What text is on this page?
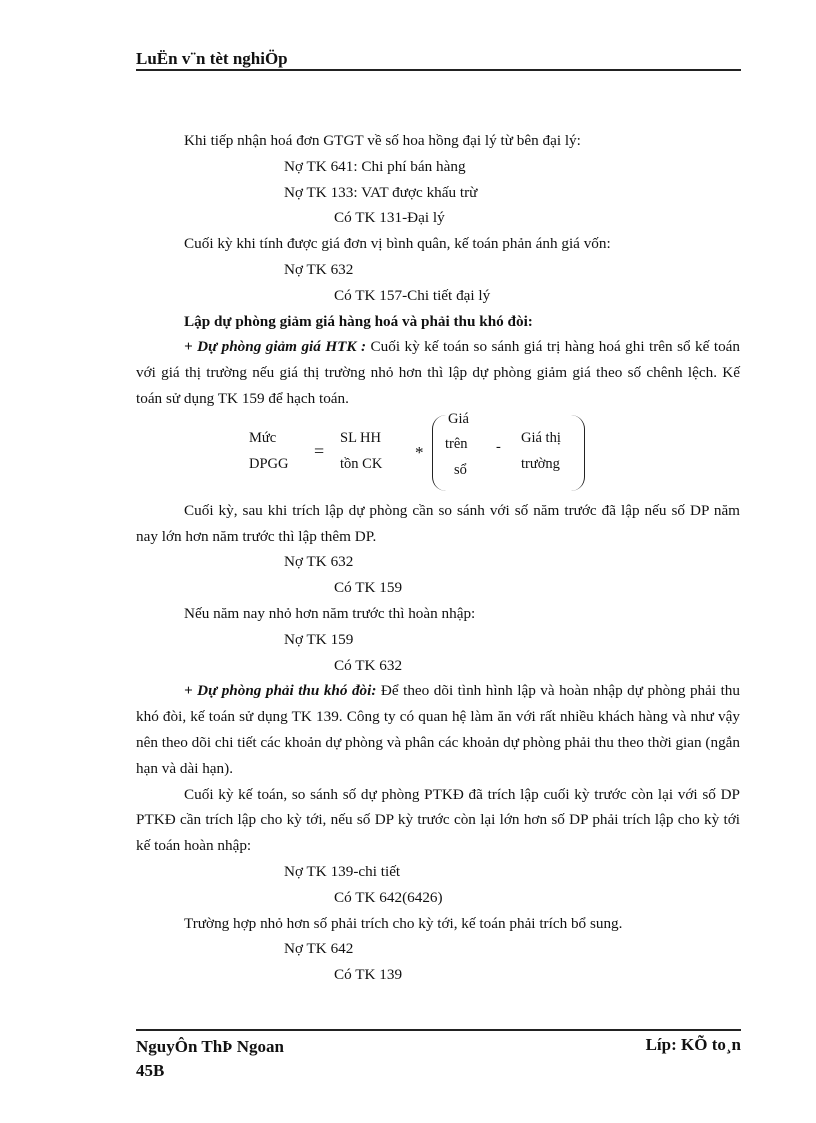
LuËn v¨n tèt nghiÖp

Khi tiếp nhận hoá đơn GTGT về số hoa hồng đại lý từ bên đại lý:

Nợ TK 641: Chi phí bán hàng

Nợ TK 133: VAT được khấu trừ

Có TK 131-Đại lý

Cuối kỳ khi tính được giá đơn vị bình quân, kế toán phản ánh giá vốn:

Nợ TK 632

Có TK 157-Chi tiết đại lý

Lập dự phòng giảm giá hàng hoá và phải thu khó đòi:

+ Dự phòng giảm giá HTK : Cuối kỳ kế toán so sánh giá trị hàng hoá ghi trên sổ kế toán với giá thị trường nếu giá thị trường nhỏ hơn thì lập dự phòng giảm giá theo số chênh lệch. Kế toán sử dụng TK 159 để hạch toán.

Mức
DPGG
=
SL HH
tồn CK
*
Giá
trên
sổ
-
Giá thị
trường

Cuối kỳ, sau khi trích lập dự phòng cần so sánh với số năm trước đã lập nếu số DP năm nay lớn hơn năm trước thì lập thêm DP.

Nợ TK 632

Có TK 159

Nếu năm nay nhỏ hơn năm trước thì hoàn nhập:

Nợ TK 159

Có TK 632

+ Dự phòng phải thu khó đòi: Để theo dõi tình hình lập và hoàn nhập dự phòng phải thu khó đòi, kế toán sử dụng TK 139. Công ty có quan hệ làm ăn với rất nhiều khách hàng và như vậy nên theo dõi chi tiết các khoản dự phòng và phân các khoản dự phòng phải thu theo thời gian (ngắn hạn và dài hạn).

Cuối kỳ kế toán, so sánh số dự phòng PTKĐ đã trích lập cuối kỳ trước còn lại với số DP PTKĐ cần trích lập cho kỳ tới, nếu số DP kỳ trước còn lại lớn hơn số DP phải trích lập cho kỳ tới kế toán hoàn nhập:

Nợ TK 139-chi tiết

Có TK 642(6426)

Trường hợp nhỏ hơn số phải trích cho kỳ tới, kế toán phải trích bổ sung.

Nợ TK 642

Có TK 139

NguyÔn ThÞ Ngoan
45B
Líp: KÕ to¸n
